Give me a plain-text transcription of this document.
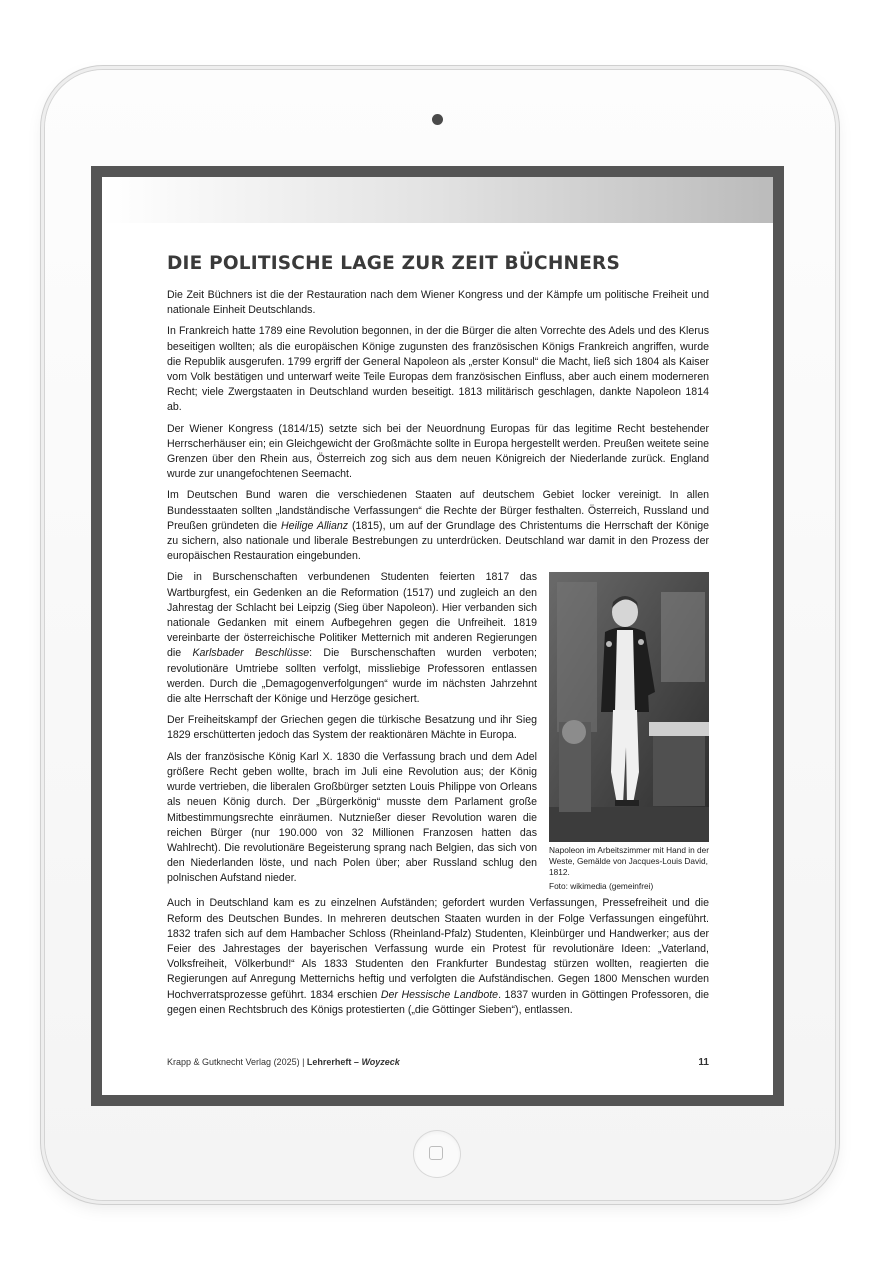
DIE POLITISCHE LAGE ZUR ZEIT BÜCHNERS

Die Zeit Büchners ist die der Restauration nach dem Wiener Kongress und der Kämpfe um politische Freiheit und nationale Einheit Deutschlands.

In Frankreich hatte 1789 eine Revolution begonnen, in der die Bürger die alten Vorrechte des Adels und des Klerus beseitigen wollten; als die europäischen Könige zugunsten des französischen Königs Frankreich angriffen, wurde die Republik ausgerufen. 1799 ergriff der General Napoleon als „erster Konsul“ die Macht, ließ sich 1804 als Kaiser vom Volk bestätigen und unterwarf weite Teile Europas dem französischen Einfluss, aber auch einem moderneren Recht; viele Zwergstaaten in Deutschland wurden beseitigt. 1813 militärisch geschlagen, dankte Napoleon 1814 ab.

Der Wiener Kongress (1814/15) setzte sich bei der Neuordnung Europas für das legitime Recht bestehender Herrscherhäuser ein; ein Gleichgewicht der Großmächte sollte in Europa hergestellt werden. Preußen weitete seine Grenzen über den Rhein aus, Österreich zog sich aus dem neuen Königreich der Niederlande zurück. England wurde zur unangefochtenen Seemacht.

Im Deutschen Bund waren die verschiedenen Staaten auf deutschem Gebiet locker vereinigt. In allen Bundesstaaten sollten „landständische Verfassungen“ die Rechte der Bürger festhalten. Österreich, Russland und Preußen gründeten die Heilige Allianz (1815), um auf der Grundlage des Christentums die Herrschaft der Könige zu sichern, also nationale und liberale Bestrebungen zu unterdrücken. Deutschland war damit in den Prozess der europäischen Restauration eingebunden.

Napoleon im Arbeitszimmer mit Hand in der Weste, Gemälde von Jacques-Louis David, 1812.
Foto: wikimedia (gemeinfrei)

Die in Burschenschaften verbundenen Studenten feierten 1817 das Wartburgfest, ein Gedenken an die Reformation (1517) und zugleich an den Jahrestag der Schlacht bei Leipzig (Sieg über Napoleon). Hier verbanden sich nationale Gedanken mit einem Aufbegehren gegen die Unfreiheit. 1819 vereinbarte der österreichische Politiker Metternich mit anderen Regierungen die Karlsbader Beschlüsse: Die Burschenschaften wurden verboten; revolutionäre Umtriebe sollten verfolgt, missliebige Professoren entlassen werden. Durch die „Demagogenverfolgungen“ wurde im nächsten Jahrzehnt die alte Herrschaft der Könige und Herzöge gesichert.

Der Freiheitskampf der Griechen gegen die türkische Besatzung und ihr Sieg 1829 erschütterten jedoch das System der reaktionären Mächte in Europa.

Als der französische König Karl X. 1830 die Verfassung brach und dem Adel größere Recht geben wollte, brach im Juli eine Revolution aus; der König wurde vertrieben, die liberalen Großbürger setzten Louis Philippe von Orleans als neuen König durch. Der „Bürgerkönig“ musste dem Parlament große Mitbestimmungsrechte einräumen. Nutznießer dieser Revolution waren die reichen Bürger (nur 190.000 von 32 Millionen Franzosen hatten das Wahlrecht). Die revolutionäre Begeisterung sprang nach Belgien, das sich von den Niederlanden löste, und nach Polen über; aber Russland schlug den polnischen Aufstand nieder.

Auch in Deutschland kam es zu einzelnen Aufständen; gefordert wurden Verfassungen, Pressefreiheit und die Reform des Deutschen Bundes. In mehreren deutschen Staaten wurden in der Folge Verfassungen eingeführt. 1832 trafen sich auf dem Hambacher Schloss (Rheinland-Pfalz) Studenten, Kleinbürger und Handwerker; aus der Feier des Jahrestages der bayerischen Verfassung wurde ein Protest für revolutionäre Ideen: „Vaterland, Volksfreiheit, Völkerbund!“ Als 1833 Studenten den Frankfurter Bundestag stürzen wollten, reagierten die Regierungen auf Anregung Metternichs heftig und verfolgten die Aufständischen. Gegen 1800 Menschen wurden Hochverratsprozesse geführt. 1834 erschien Der Hessische Landbote. 1837 wurden in Göttingen Professoren, die gegen einen Rechtsbruch des Königs protestierten („die Göttinger Sieben“), entlassen.

Krapp & Gutknecht Verlag (2025) | Lehrerheft – Woyzeck	11
